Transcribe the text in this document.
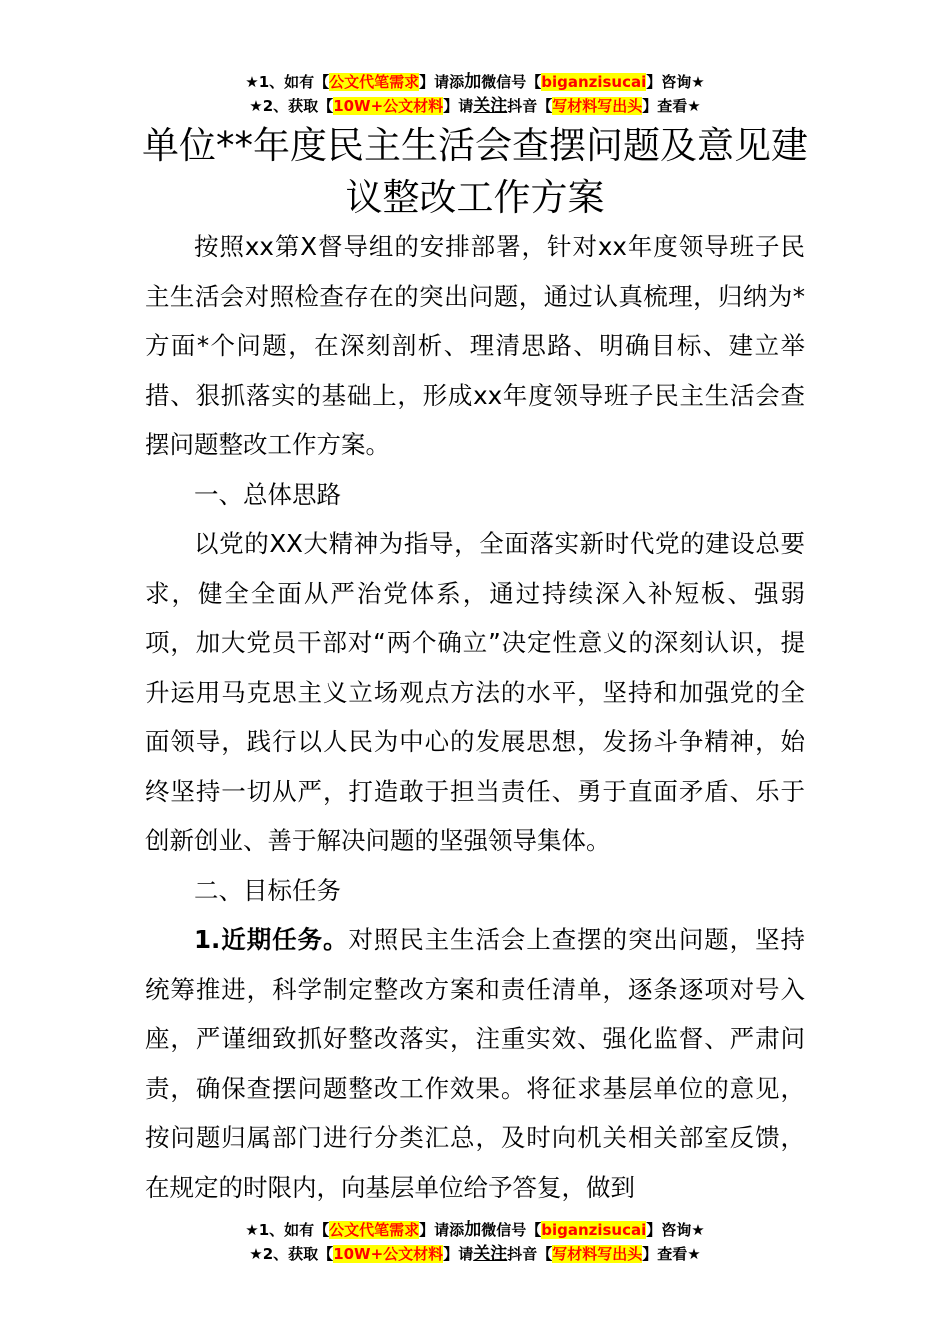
★1、如有【公文代笔需求】请添加微信号【biganzisucai】咨询★
★2、获取【10W+公文材料】请关注抖音【写材料写出头】查看★
单位**年度民主生活会查摆问题及意见建
议整改工作方案

按照xx第X督导组的安排部署，针对xx年度领导班子民主生活会对照检查存在的突出问题，通过认真梳理，归纳为*方面*个问题，在深刻剖析、理清思路、明确目标、建立举措、狠抓落实的基础上，形成xx年度领导班子民主生活会查摆问题整改工作方案。

一、总体思路

以党的XX大精神为指导，全面落实新时代党的建设总要求，健全全面从严治党体系，通过持续深入补短板、强弱项，加大党员干部对“两个确立”决定性意义的深刻认识，提升运用马克思主义立场观点方法的水平，坚持和加强党的全面领导，践行以人民为中心的发展思想，发扬斗争精神，始终坚持一切从严，打造敢于担当责任、勇于直面矛盾、乐于创新创业、善于解决问题的坚强领导集体。

二、目标任务

1.近期任务。对照民主生活会上查摆的突出问题，坚持统筹推进，科学制定整改方案和责任清单，逐条逐项对号入座，严谨细致抓好整改落实，注重实效、强化监督、严肃问责，确保查摆问题整改工作效果。将征求基层单位的意见，按问题归属部门进行分类汇总，及时向机关相关部室反馈，在规定的时限内，向基层单位给予答复，做到

★1、如有【公文代笔需求】请添加微信号【biganzisucai】咨询★
★2、获取【10W+公文材料】请关注抖音【写材料写出头】查看★
